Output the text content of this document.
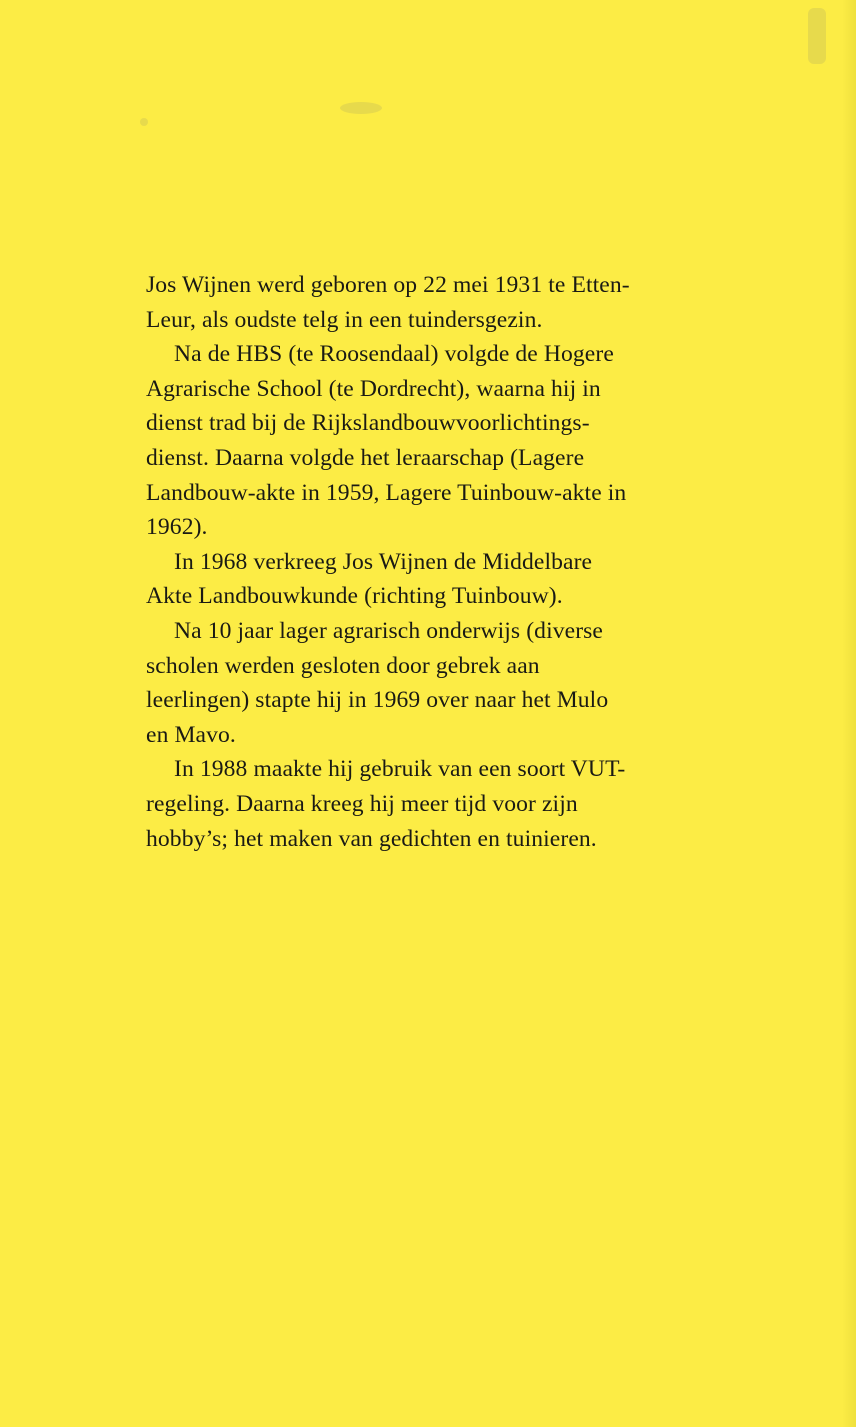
Jos Wijnen werd geboren op 22 mei 1931 te Etten-
Leur, als oudste telg in een tuindersgezin.
Na de HBS (te Roosendaal) volgde de Hogere
Agrarische School (te Dordrecht), waarna hij in
dienst trad bij de Rijkslandbouwvoorlichtings-
dienst. Daarna volgde het leraarschap (Lagere
Landbouw-akte in 1959, Lagere Tuinbouw-akte in
1962).
In 1968 verkreeg Jos Wijnen de Middelbare
Akte Landbouwkunde (richting Tuinbouw).
Na 10 jaar lager agrarisch onderwijs (diverse
scholen werden gesloten door gebrek aan
leerlingen) stapte hij in 1969 over naar het Mulo
en Mavo.
In 1988 maakte hij gebruik van een soort VUT-
regeling. Daarna kreeg hij meer tijd voor zijn
hobby’s; het maken van gedichten en tuinieren.
